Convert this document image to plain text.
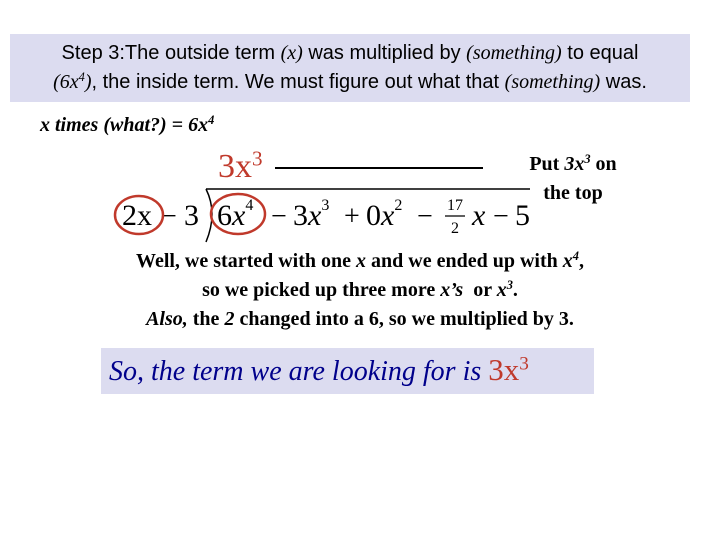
Step 3:The outside term (x) was multiplied by (something) to equal
$(6x^4)$, the inside term. We must figure out what that (something) was.
x times (what?) = $6x^4$
$3x^3$	Put $3x^3$ on
the top
2x − 3 $6x^4 - 3x^3 + 0x^2 - 17$
2 x − 5
Well, we started with one x and we ended up with $x^4$,
so we picked up three more x’s  or $x^3$.
Also, the 2 changed into a 6, so we multiplied by 3.
So, the term we are looking for is $3x^3$
